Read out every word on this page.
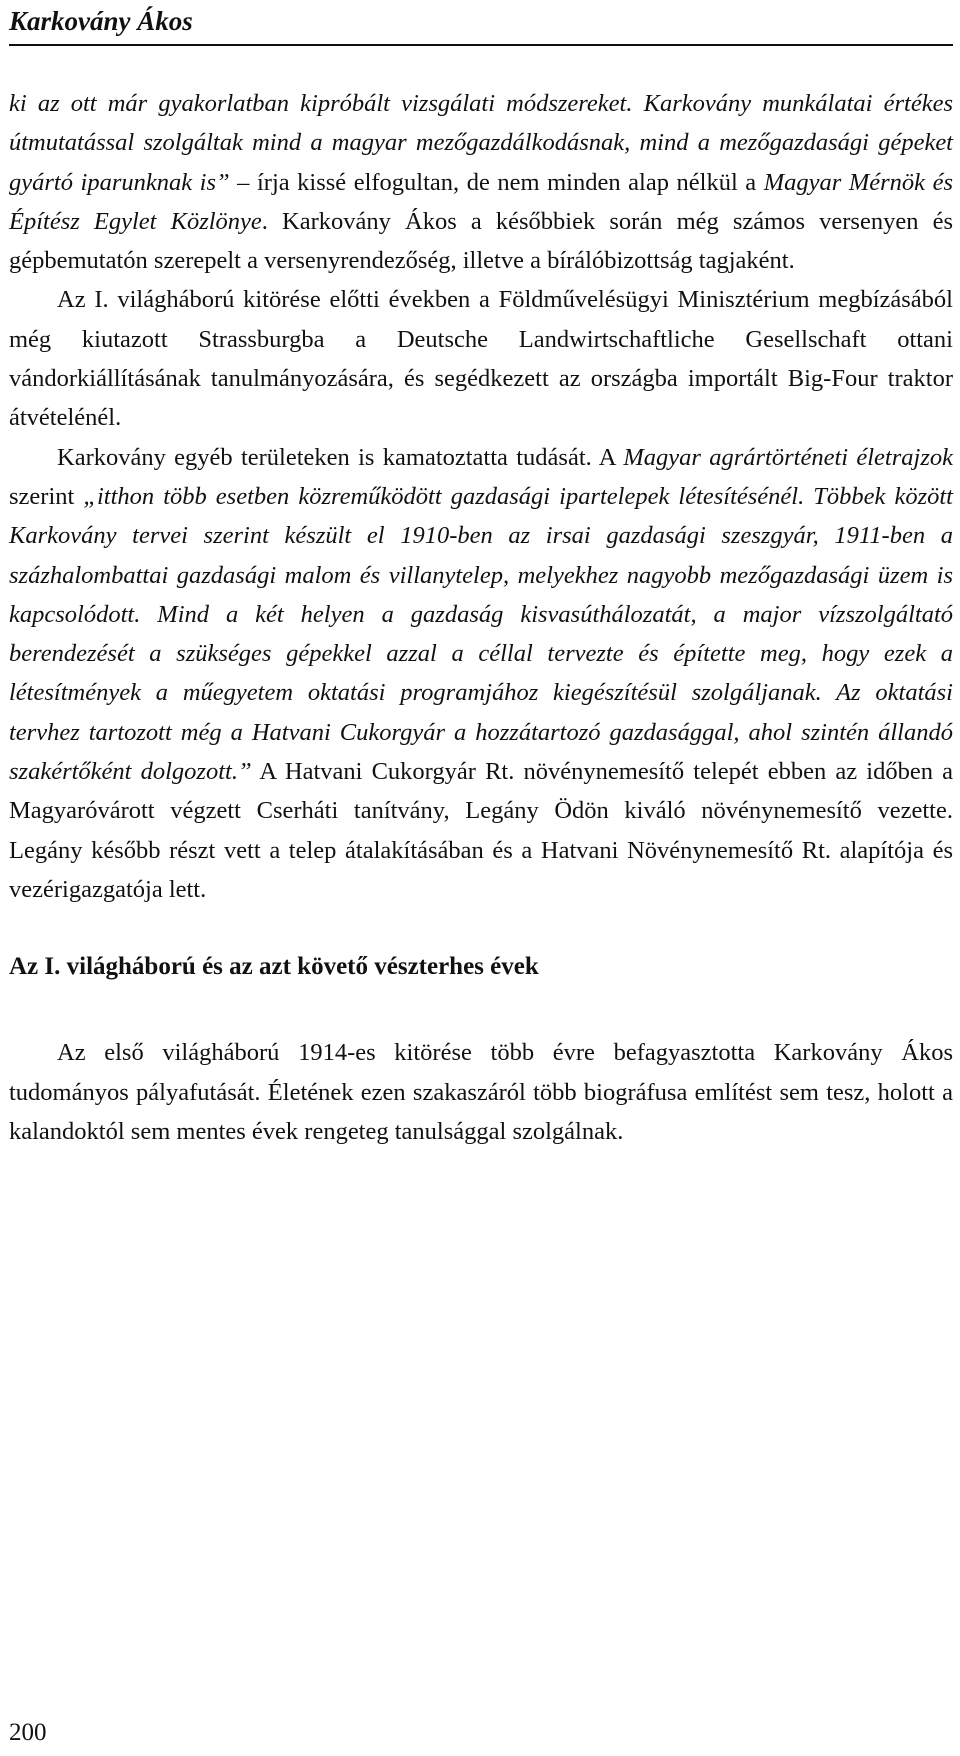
Karkovány Ákos

ki az ott már gyakorlatban kipróbált vizsgálati módszereket. Karkovány munkálatai értékes útmutatással szolgáltak mind a magyar mezőgazdálkodásnak, mind a mezőgazdasági gépeket gyártó iparunknak is” – írja kissé elfogultan, de nem minden alap nélkül a Magyar Mérnök és Építész Egylet Közlönye. Karkovány Ákos a későbbiek során még számos versenyen és gépbemutatón szerepelt a versenyrendezőség, illetve a bírálóbizottság tagjaként.

Az I. világháború kitörése előtti években a Földművelésügyi Minisztérium megbízásából még kiutazott Strassburgba a Deutsche Landwirtschaftliche Gesellschaft ottani vándorkiállításának tanulmányozására, és segédkezett az országba importált Big-Four traktor átvételénél.

Karkovány egyéb területeken is kamatoztatta tudását. A Magyar agrártörténeti életrajzok szerint „itthon több esetben közreműködött gazdasági ipartelepek létesítésénél. Többek között Karkovány tervei szerint készült el 1910-ben az irsai gazdasági szeszgyár, 1911-ben a százhalombattai gazdasági malom és villanytelep, melyekhez nagyobb mezőgazdasági üzem is kapcsolódott. Mind a két helyen a gazdaság kisvasúthálozatát, a major vízszolgáltató berendezését a szükséges gépekkel azzal a céllal tervezte és építette meg, hogy ezek a létesítmények a műegyetem oktatási programjához kiegészítésül szolgáljanak. Az oktatási tervhez tartozott még a Hatvani Cukorgyár a hozzátartozó gazdasággal, ahol szintén állandó szakértőként dolgozott.” A Hatvani Cukorgyár Rt. növénynemesítő telepét ebben az időben a Magyaróvárott végzett Cserháti tanítvány, Legány Ödön kiváló növénynemesítő vezette. Legány később részt vett a telep átalakításában és a Hatvani Növénynemesítő Rt. alapítója és vezérigazgatója lett.

Az I. világháború és az azt követő vészterhes évek

Az első világháború 1914-es kitörése több évre befagyasztotta Karkovány Ákos tudományos pályafutását. Életének ezen szakaszáról több biográfusa említést sem tesz, holott a kalandoktól sem mentes évek rengeteg tanulsággal szolgálnak.

200
